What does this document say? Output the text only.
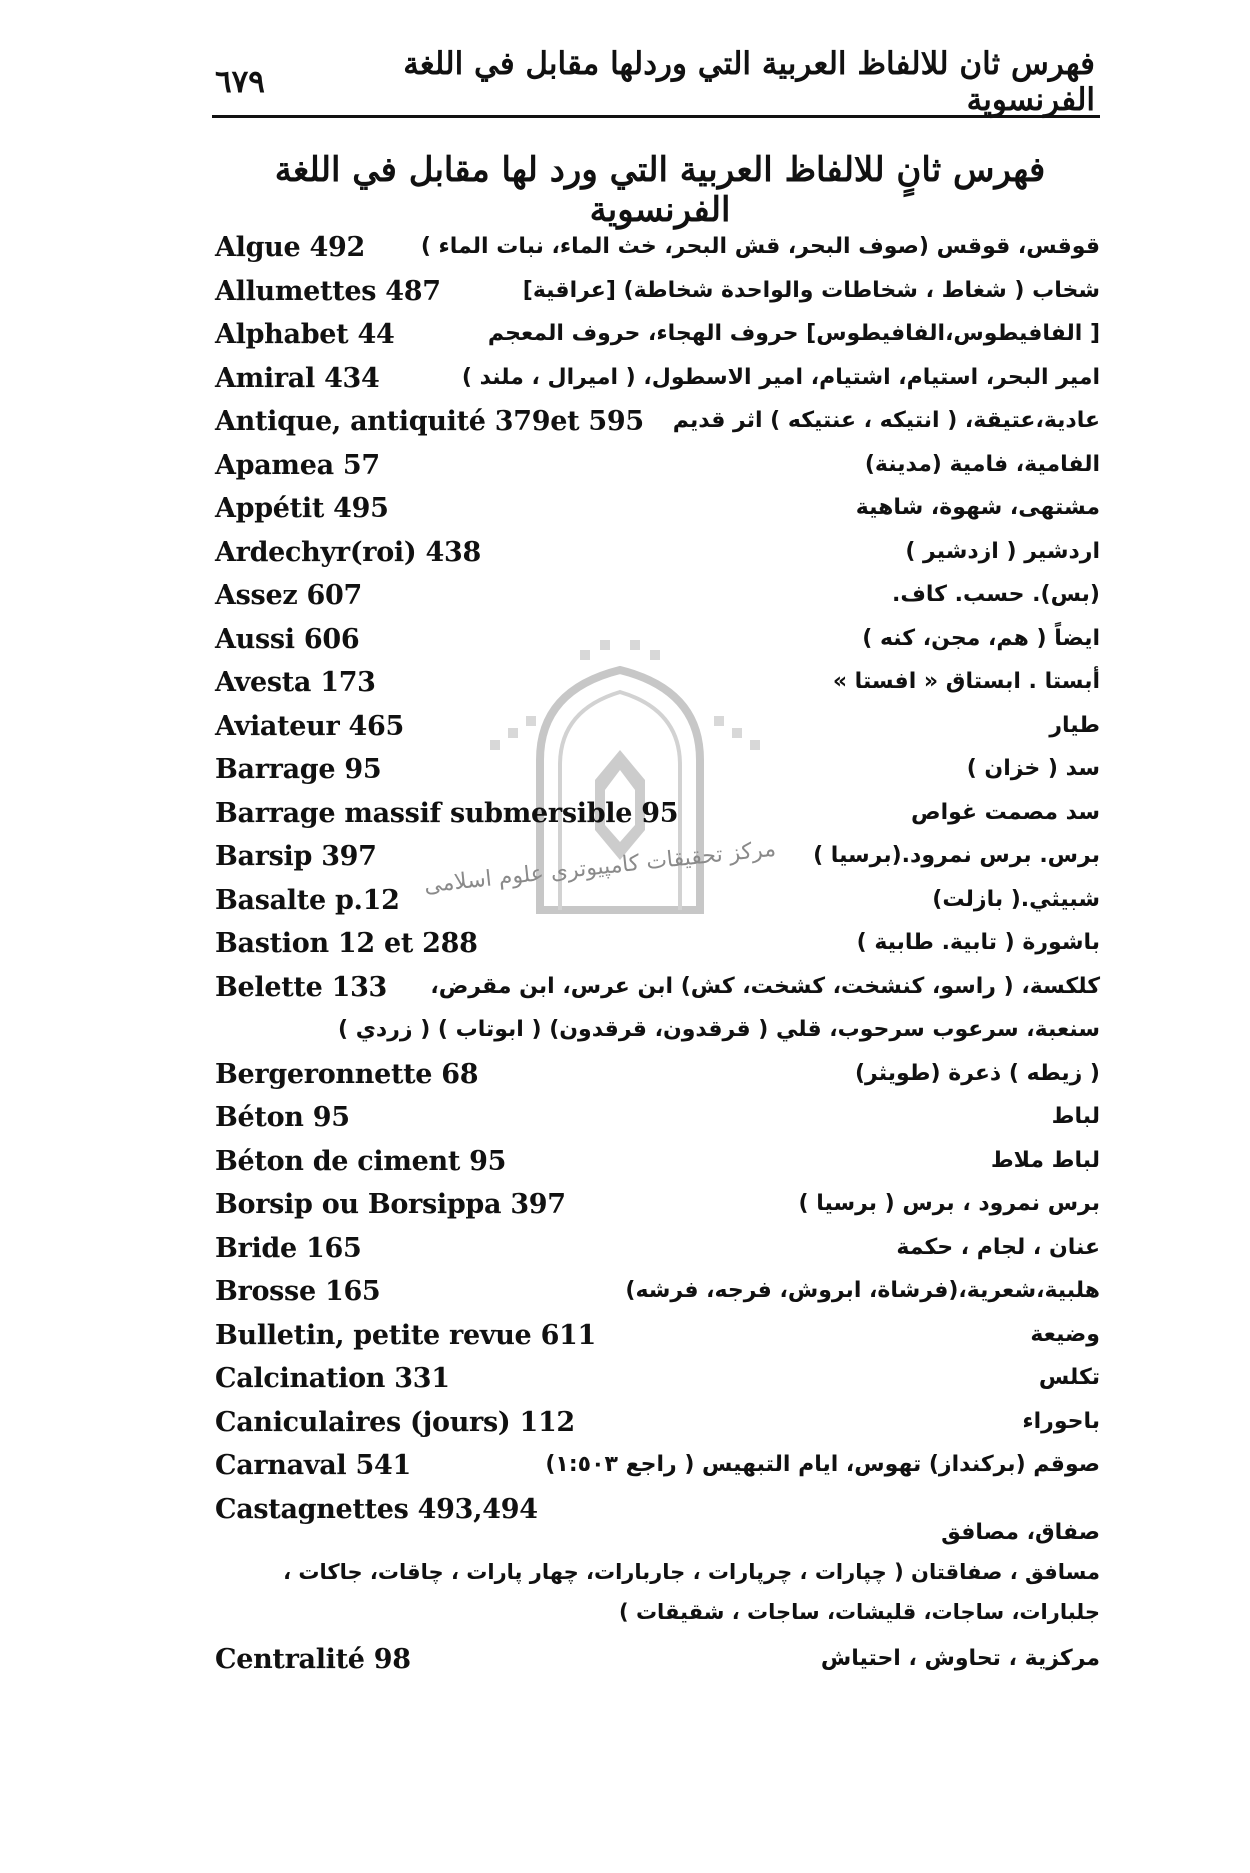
فهرس ثان للالفاظ العربية التي وردلها مقابل في اللغة الفرنسوية
٦٧٩
فهرس ثانٍ للالفاظ العربية التي ورد لها مقابل في اللغة الفرنسوية
مرکز تحقیقات کامپیوتری علوم اسلامی
Algue 492	قوقس، قوقس (صوف البحر، قش البحر، خث الماء، نبات الماء )
Allumettes 487	شخاب ( شغاط ، شخاطات والواحدة شخاطة) [عراقية]
Alphabet 44	[ الفافيطوس،الفافيطوس] حروف الهجاء، حروف المعجم
Amiral 434	امير البحر، استيام، اشتيام، امير الاسطول، ( اميرال ، ملند )
Antique, antiquité 379et 595 عادية،عتيقة، ( انتيكه ، عنتيكه ) اثر قديم
Apamea 57	الفامية، فامية (مدينة)
Appétit 495	مشتهى، شهوة، شاهية
Ardechyr(roi) 438	اردشير ( ازدشير )
Assez 607	(بس). حسب. كاف.
Aussi 606	ايضاً ( هم، مجن، كنه )
Avesta 173	أبستا . ابستاق « افستا »
Aviateur 465	طيار
Barrage 95	سد ( خزان )
Barrage massif submersible 95	سد مصمت غواص
Barsip 397	برس. برس نمرود.(برسيا )
Basalte p.12	شبيثي.( بازلت)
Bastion 12 et 288	باشورة ( تابية. طابية )
Belette 133 كلكسة، ( راسو، كنشخت، كشخت، كش) ابن عرس، ابن مقرض،
سنعبة، سرعوب سرحوب، قلي ( قرقدون، قرقدون) ( ابوتاب ) ( زردي )
Bergeronnette 68	( زيطه ) ذعرة (طويثر)
Béton 95	لباط
Béton de ciment 95	لباط ملاط
Borsip ou Borsippa 397	برس نمرود ، برس ( برسيا )
Bride 165	عنان ، لجام ، حكمة
Brosse 165	هلبية،شعرية،(فرشاة، ابروش، فرجه، فرشه)
Bulletin, petite revue 611	وضيعة
Calcination 331	تكلس
Caniculaires (jours) 112	باحوراء
Carnaval 541	صوقم (بركنداز) تهوس، ايام التبهيس ( راجع ١:٥٠٣)
Castagnettes 493,494
صفاق، مصافق
مسافق ، صفاقتان ( چپارات ، چرپارات ، جاربارات، چهار پارات ، چاقات، جاكات ،
جلبارات، ساجات، قليشات، ساجات ، شقيقات )
Centralité 98	مركزية ، تحاوش ، احتياش
